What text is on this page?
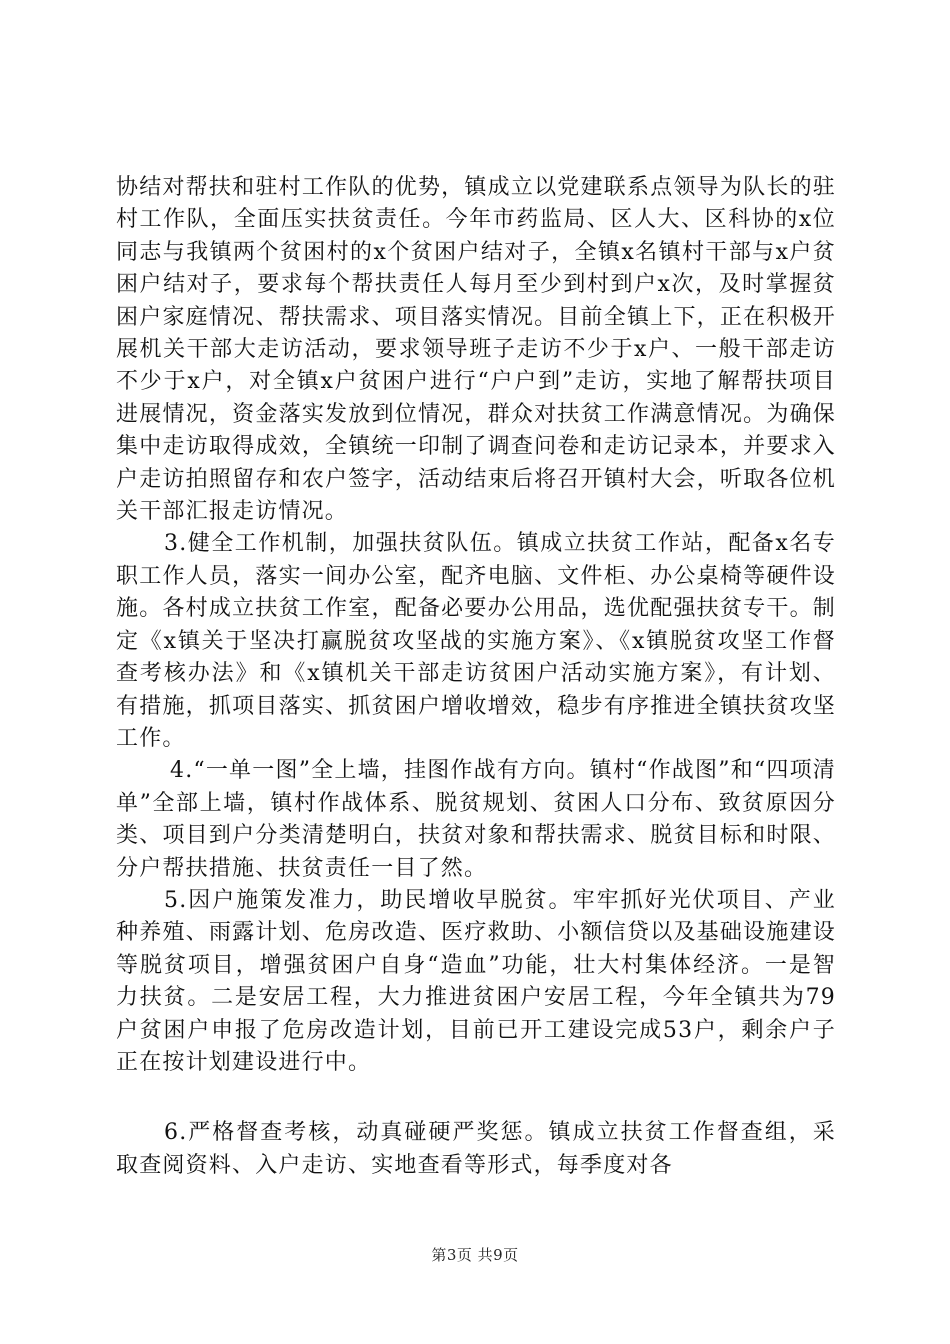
协结对帮扶和驻村工作队的优势，镇成立以党建联系点领导为队长的驻村工作队，全面压实扶贫责任。今年市药监局、区人大、区科协的x位同志与我镇两个贫困村的x个贫困户结对子，全镇x名镇村干部与x户贫困户结对子，要求每个帮扶责任人每月至少到村到户x次，及时掌握贫困户家庭情况、帮扶需求、项目落实情况。目前全镇上下，正在积极开展机关干部大走访活动，要求领导班子走访不少于x户、一般干部走访不少于x户，对全镇x户贫困户进行“户户到”走访，实地了解帮扶项目进展情况，资金落实发放到位情况，群众对扶贫工作满意情况。为确保集中走访取得成效，全镇统一印制了调查问卷和走访记录本，并要求入户走访拍照留存和农户签字，活动结束后将召开镇村大会，听取各位机关干部汇报走访情况。

3.健全工作机制，加强扶贫队伍。镇成立扶贫工作站，配备x名专职工作人员，落实一间办公室，配齐电脑、文件柜、办公桌椅等硬件设施。各村成立扶贫工作室，配备必要办公用品，选优配强扶贫专干。制定《x镇关于坚决打赢脱贫攻坚战的实施方案》、《x镇脱贫攻坚工作督查考核办法》和《x镇机关干部走访贫困户活动实施方案》，有计划、有措施，抓项目落实、抓贫困户增收增效，稳步有序推进全镇扶贫攻坚工作。

4.“一单一图”全上墙，挂图作战有方向。镇村“作战图”和“四项清单”全部上墙，镇村作战体系、脱贫规划、贫困人口分布、致贫原因分类、项目到户分类清楚明白，扶贫对象和帮扶需求、脱贫目标和时限、分户帮扶措施、扶贫责任一目了然。

5.因户施策发准力，助民增收早脱贫。牢牢抓好光伏项目、产业种养殖、雨露计划、危房改造、医疗救助、小额信贷以及基础设施建设等脱贫项目，增强贫困户自身“造血”功能，壮大村集体经济。一是智力扶贫。二是安居工程，大力推进贫困户安居工程，今年全镇共为79户贫困户申报了危房改造计划，目前已开工建设完成53户，剩余户子正在按计划建设进行中。

6.严格督查考核，动真碰硬严奖惩。镇成立扶贫工作督查组，采取查阅资料、入户走访、实地查看等形式，每季度对各

第3页 共9页
